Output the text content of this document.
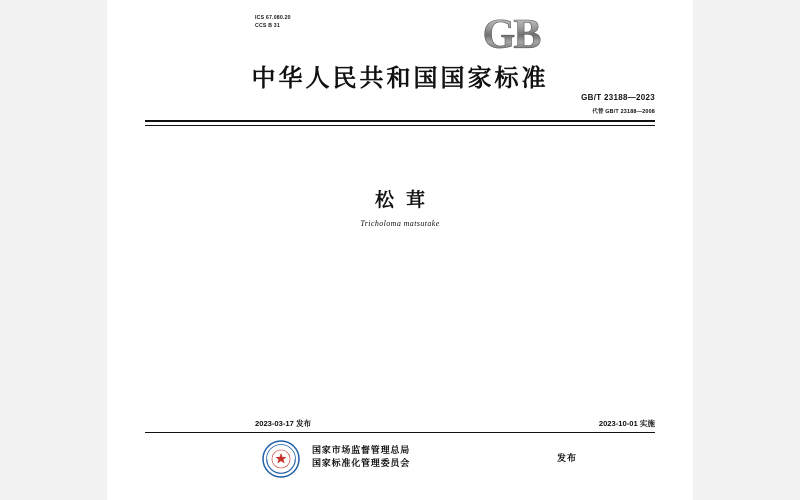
ICS 67.080.20
CCS B 31 GB
中华人民共和国国家标准
GB/T 23188—2023
代替 GB/T 23188—2008
松茸
Tricholoma matsutake
2023-03-17 发布	2023-10-01 实施
国家市场监督管理总局
国家标准化管理委员会	发布
